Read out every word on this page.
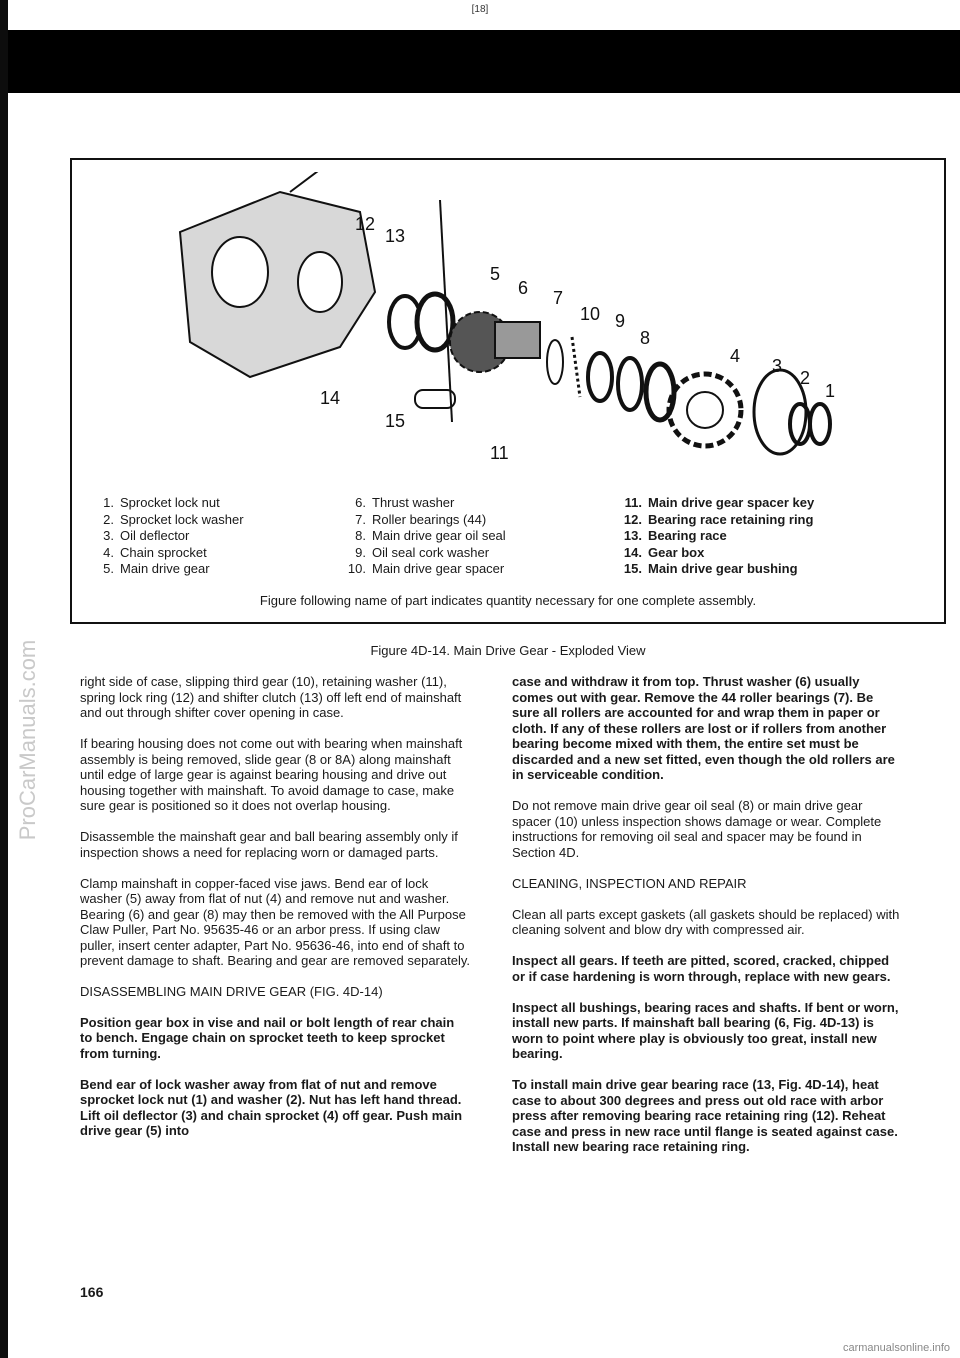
[18]
ProCarManuals.com
12
13
5
6 7
10 9
8
4 3
2
1
14
15
11
1. Sprocket lock nut
2. Sprocket lock washer
3. Oil deflector
4. Chain sprocket
5. Main drive gear
6. Thrust washer
7. Roller bearings (44)
8. Main drive gear oil seal
9. Oil seal cork washer
10. Main drive gear spacer
11. Main drive gear spacer key
12. Bearing race retaining ring
13. Bearing race
14. Gear box
15. Main drive gear bushing
Figure following name of part indicates quantity necessary for one complete assembly.
Figure 4D-14. Main Drive Gear - Exploded View

right side of case, slipping third gear (10), retaining washer (11), spring lock ring (12) and shifter clutch (13) off left end of mainshaft and out through shifter cover opening in case.

If bearing housing does not come out with bearing when mainshaft assembly is being removed, slide gear (8 or 8A) along mainshaft until edge of large gear is against bearing housing and drive out housing together with mainshaft. To avoid damage to case, make sure gear is positioned so it does not overlap housing.

Disassemble the mainshaft gear and ball bearing assembly only if inspection shows a need for replacing worn or damaged parts.

Clamp mainshaft in copper-faced vise jaws. Bend ear of lock washer (5) away from flat of nut (4) and remove nut and washer. Bearing (6) and gear (8) may then be removed with the All Purpose Claw Puller, Part No. 95635-46 or an arbor press. If using claw puller, insert center adapter, Part No. 95636-46, into end of shaft to prevent damage to shaft. Bearing and gear are removed separately.

DISASSEMBLING MAIN DRIVE GEAR (FIG. 4D-14)

Position gear box in vise and nail or bolt length of rear chain to bench. Engage chain on sprocket teeth to keep sprocket from turning.

Bend ear of lock washer away from flat of nut and remove sprocket lock nut (1) and washer (2). Nut has left hand thread. Lift oil deflector (3) and chain sprocket (4) off gear. Push main drive gear (5) into

case and withdraw it from top. Thrust washer (6) usually comes out with gear. Remove the 44 roller bearings (7). Be sure all rollers are accounted for and wrap them in paper or cloth. If any of these rollers are lost or if rollers from another bearing become mixed with them, the entire set must be discarded and a new set fitted, even though the old rollers are in serviceable condition.

Do not remove main drive gear oil seal (8) or main drive gear spacer (10) unless inspection shows damage or wear. Complete instructions for removing oil seal and spacer may be found in Section 4D.

CLEANING, INSPECTION AND REPAIR

Clean all parts except gaskets (all gaskets should be replaced) with cleaning solvent and blow dry with compressed air.

Inspect all gears. If teeth are pitted, scored, cracked, chipped or if case hardening is worn through, replace with new gears.

Inspect all bushings, bearing races and shafts. If bent or worn, install new parts. If mainshaft ball bearing (6, Fig. 4D-13) is worn to point where play is obviously too great, install new bearing.

To install main drive gear bearing race (13, Fig. 4D-14), heat case to about 300 degrees and press out old race with arbor press after removing bearing race retaining ring (12). Reheat case and press in new race until flange is seated against case. Install new bearing race retaining ring.

166
carmanualsonline.info
